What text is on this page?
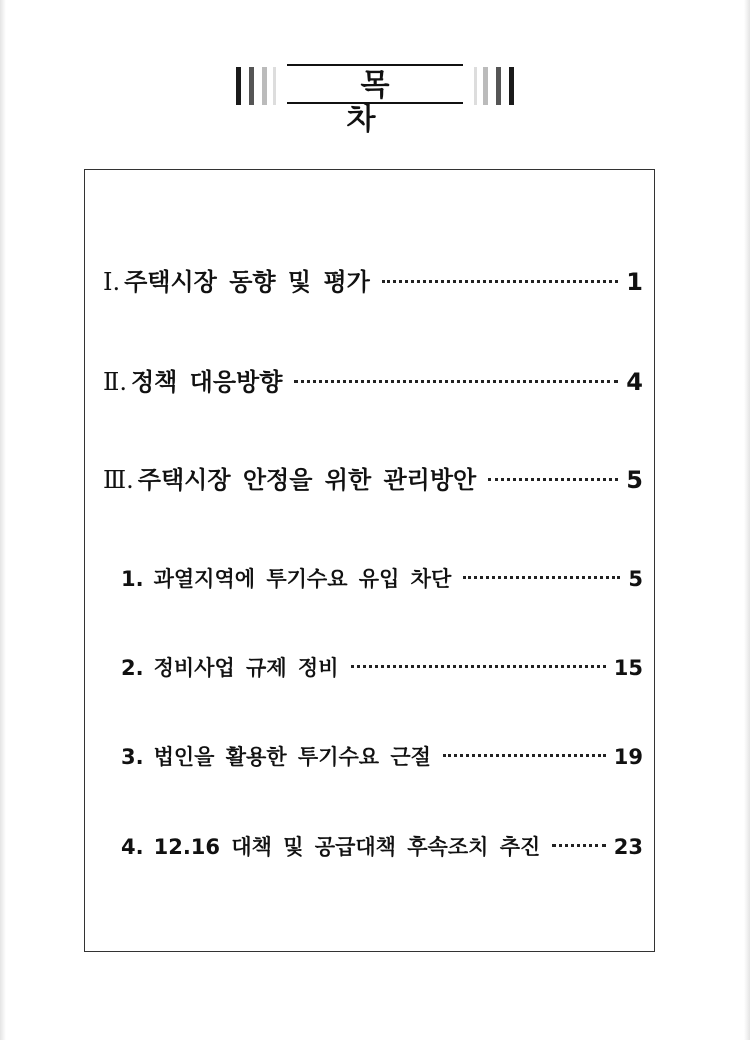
목 차
Ⅰ. 주택시장 동향 및 평가	1
Ⅱ. 정책 대응방향	4
Ⅲ. 주택시장 안정을 위한 관리방안	5
1. 과열지역에 투기수요 유입 차단	5
2. 정비사업 규제 정비	15
3. 법인을 활용한 투기수요 근절	19
4. 12.16 대책 및 공급대책 후속조치 추진	23
